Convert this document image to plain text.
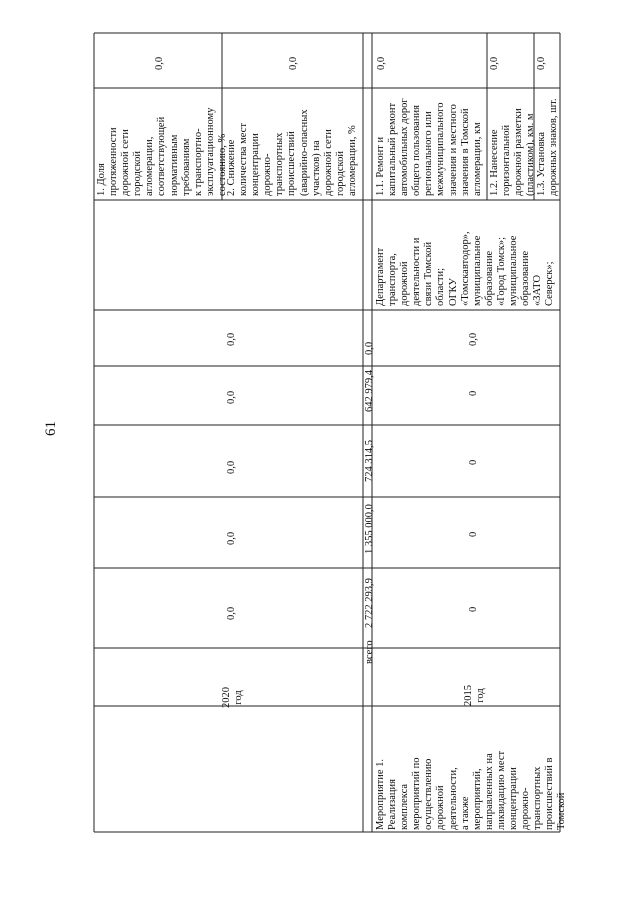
61
2020
год
0,0
0,0
0,0
0,0
0,0
1. Доля
протяженности
дорожной сети
городской
агломерации,
соответствующей
нормативным
требованиям
к транспортно-
эксплуатационному
состоянию, %
0,0
2. Снижение
количества мест
концентрации
дорожно-
транспортных
происшествий
(аварийно-опасных
участков) на
дорожной сети
городской
агломерации, %
0,0
всего
2 722 293,9
1 355 000,0
724 314,5
642 979,4
0,0
Мероприятие 1.
Реализация
комплекса
мероприятий по
осуществлению
дорожной
деятельности,
а также
мероприятий,
направленных на
ликвидацию мест
концентрации
дорожно-
транспортных
происшествий в
Томской
2015
год
0
0
0
0
0,0
Департамент
транспорта,
дорожной
деятельности и
связи Томской
области;
ОГКУ
«Томскавтодор»,
муниципальное
образование
«Город Томск»;
муниципальное
образование
«ЗАТО
Северск»;
1.1. Ремонт и
капитальный ремонт
автомобильных дорог
общего пользования
регионального или
межмуниципального
значения и местного
значения в Томской
агломерации, км
0,0
1.2. Нанесение
горизонтальной
дорожной разметки
(пластиком), км. м
0,0
1.3. Установка
дорожных знаков, шт.
0,0
